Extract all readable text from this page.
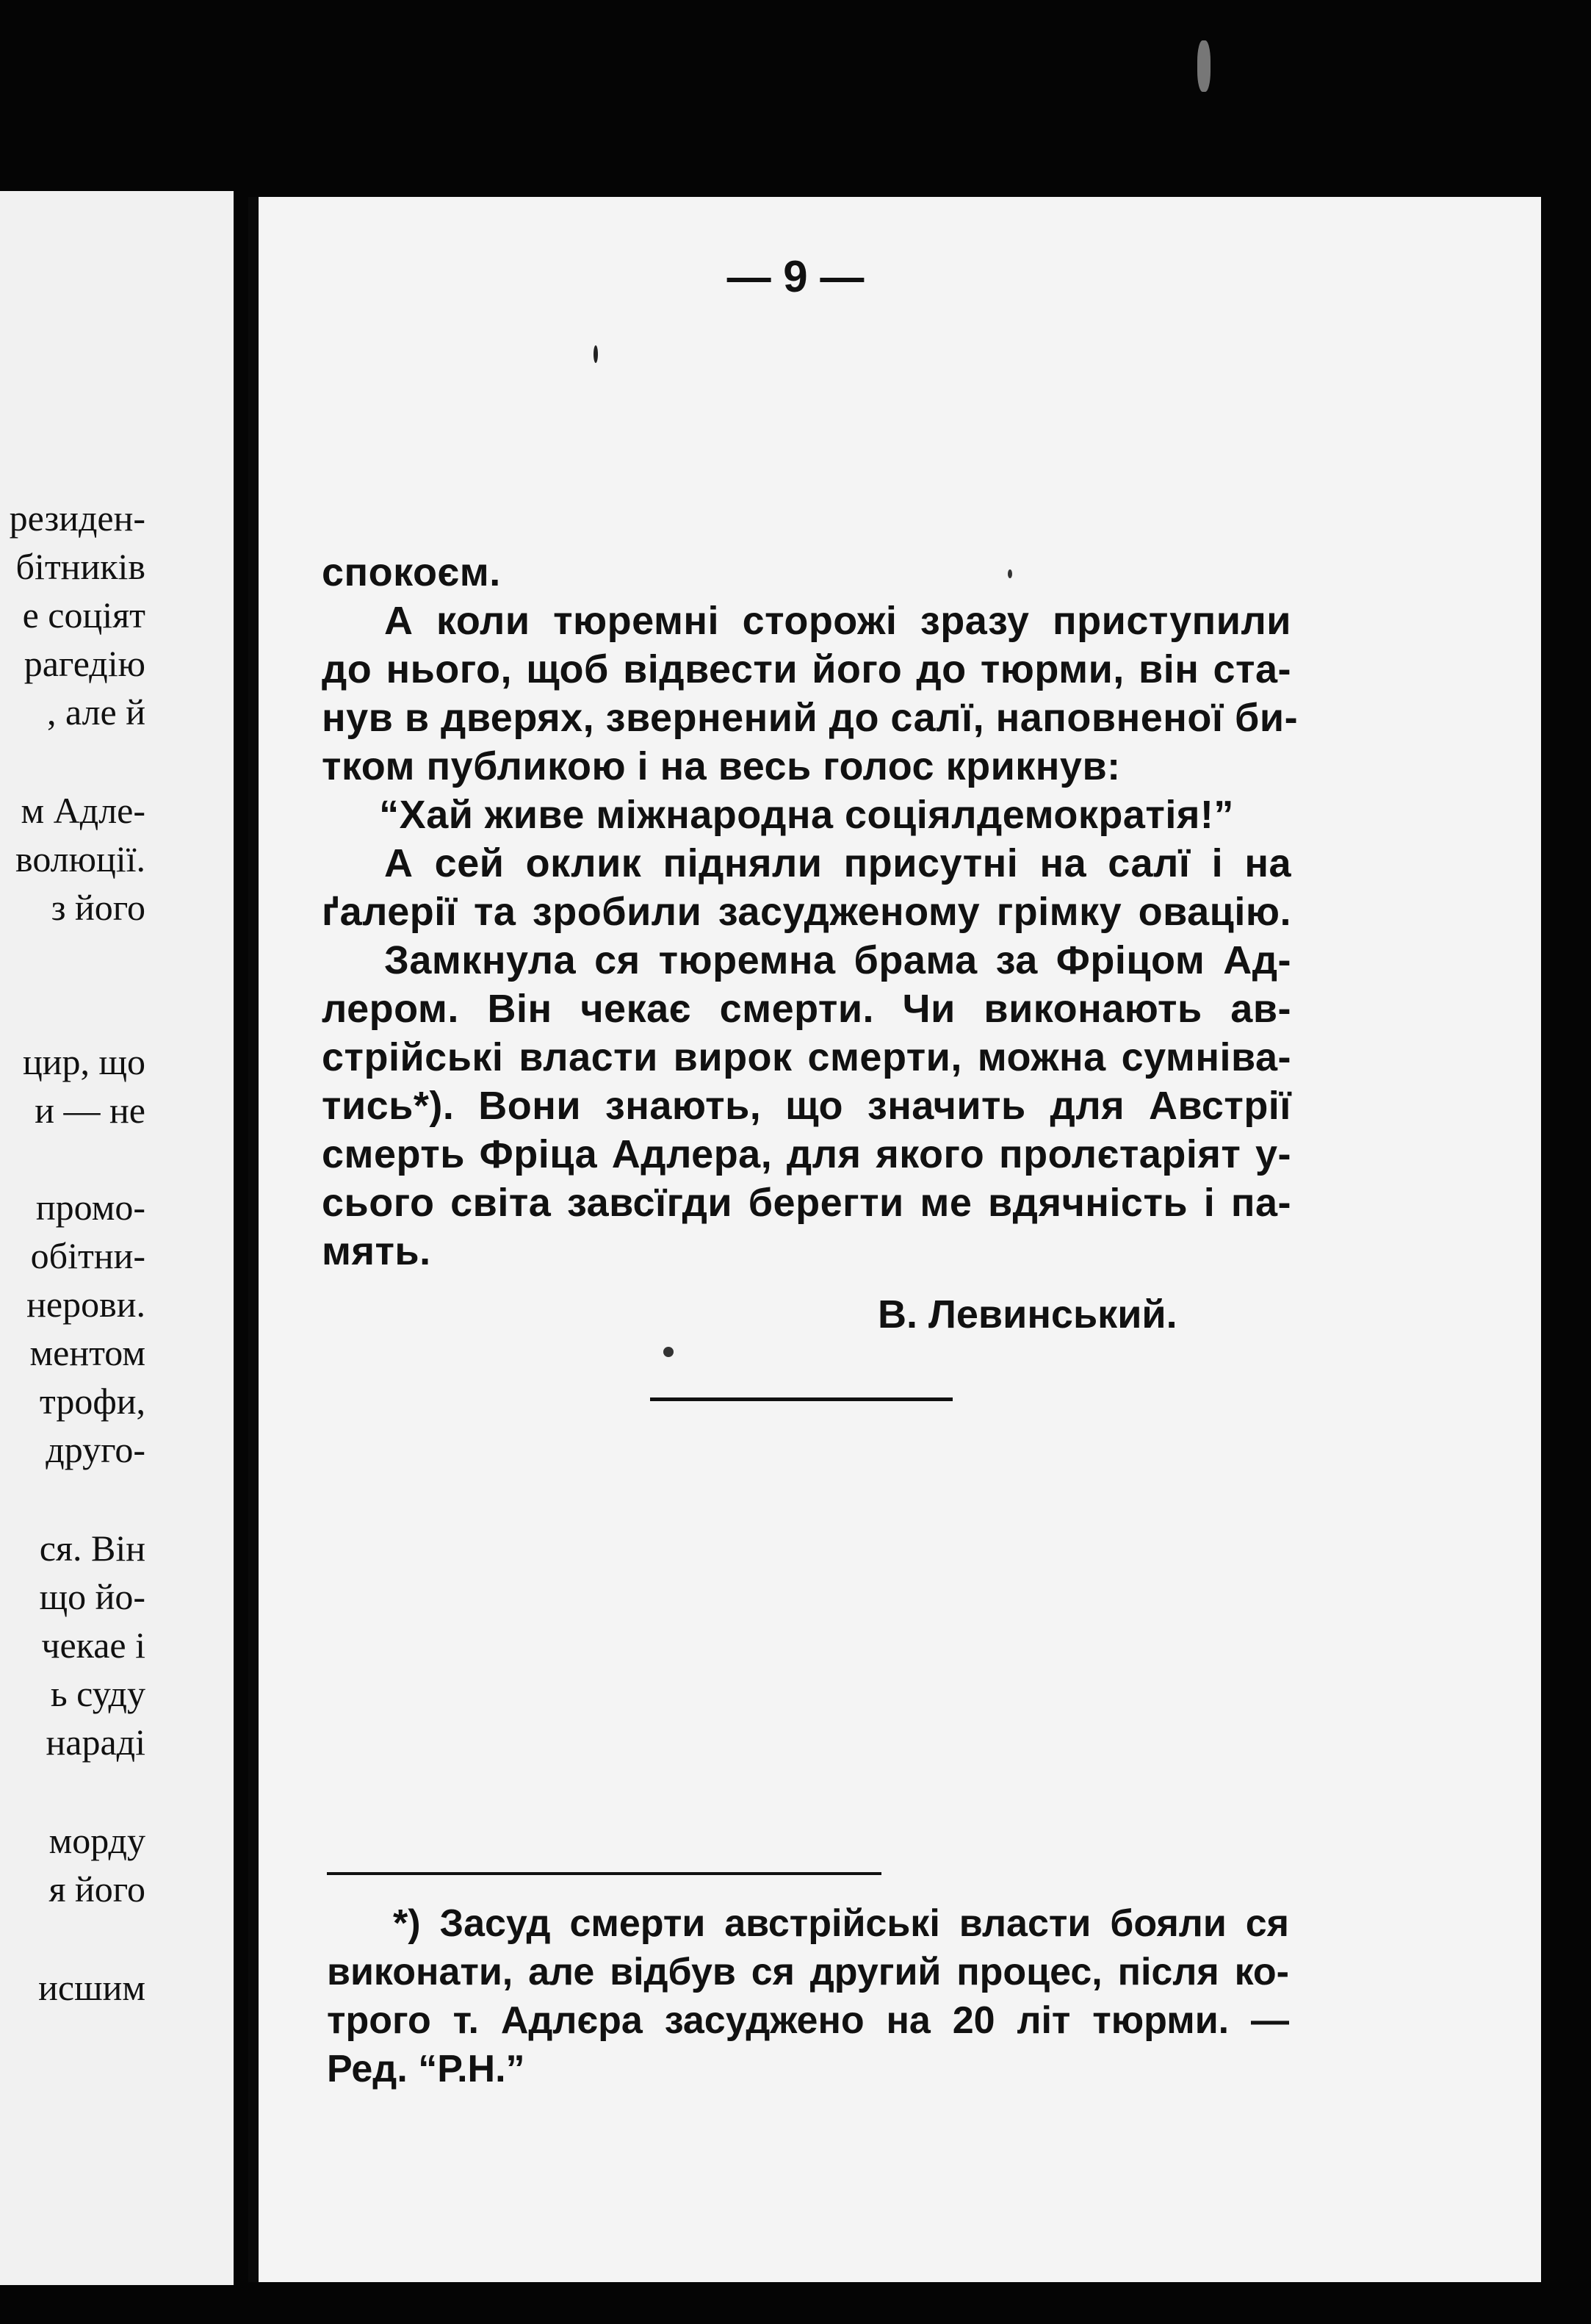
резиден-
бітників
е соціят
рагедію
, але й
м Адле-
волюції.
з його
цир, що
и — не
промо-
обітни-
нерови.
ментом
трофи,
друго-
ся. Він
що йо-
чекае і
ь суду
нараді
морду
я його
исшим
— 9 —
спокоєм.
А коли тюремні сторожі зразу приступили
до нього, щоб відвести його до тюрми, він ста-
нув в дверях, звернений до салї, наповненої би-
тком публикою і на весь голос крикнув:
“Хай живе міжнародна соціялдемократія!”
А сей оклик підняли присутні на салї і на
ґалерії та зробили засудженому грімку овацію.
Замкнула ся тюремна брама за Фріцом Ад-
лером. Він чекає смерти. Чи виконають ав-
стрійські власти вирок смерти, можна сумніва-
тись*). Вони знають, що значить для Австрії
смерть Фріца Адлера, для якого пролєтаріят у-
сього світа завсїгди берегти ме вдячність і па-
мять.
В. Левинський.
*) Засуд смерти австрійські власти бояли ся
виконати, але відбув ся другий процес, після ко-
трого т. Адлєра засуджено на 20 літ тюрми. —
Ред. “Р.Н.”
